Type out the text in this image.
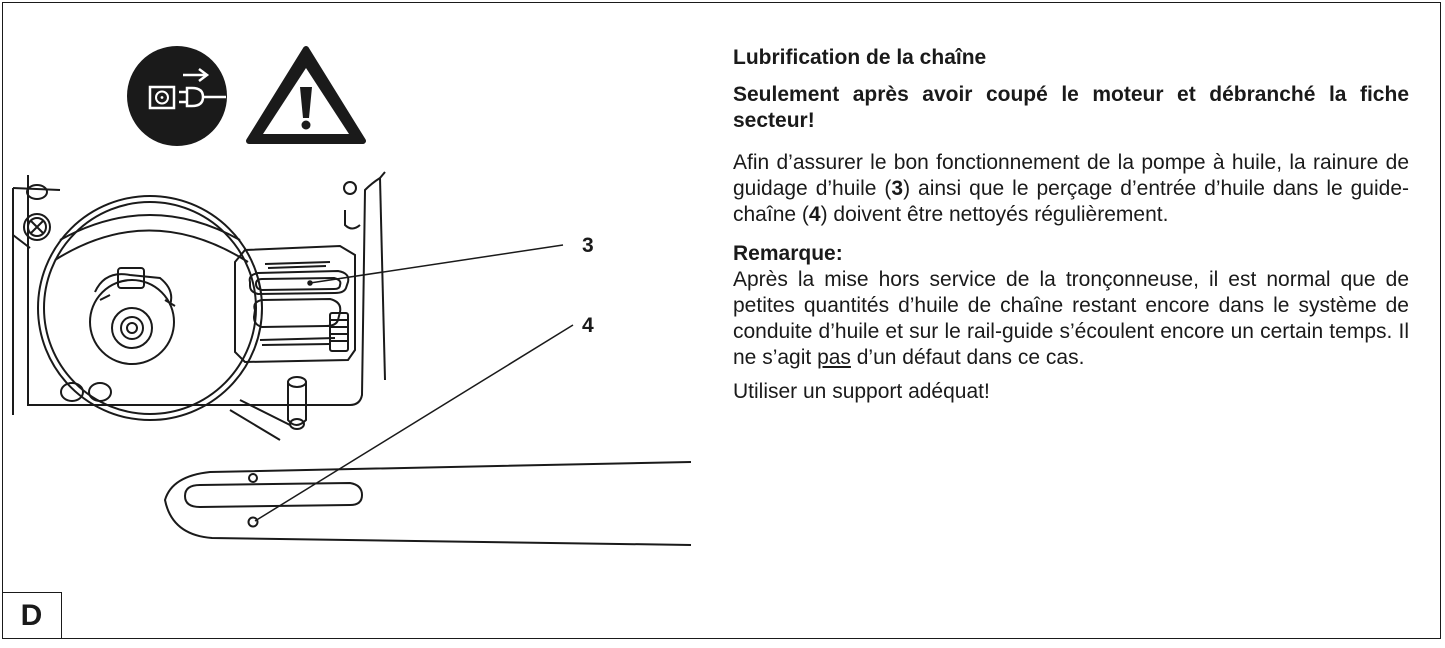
3
4
D

Lubrification de la chaîne

Seulement après avoir coupé le moteur et débranché la fiche secteur!

Afin d’assurer le bon fonctionnement de la pompe à huile, la rainure de guidage d’huile (3) ainsi que le perçage d’entrée d’huile dans le guide-chaîne (4) doivent être nettoyés régulièrement.

Remarque:

Après la mise hors service de la tronçonneuse, il est normal que de petites quantités d’huile de chaîne restant encore dans le système de conduite d’huile et sur le rail-guide s’écoulent encore un certain temps. Il ne s’agit pas d’un défaut dans ce cas.

Utiliser un support adéquat!
